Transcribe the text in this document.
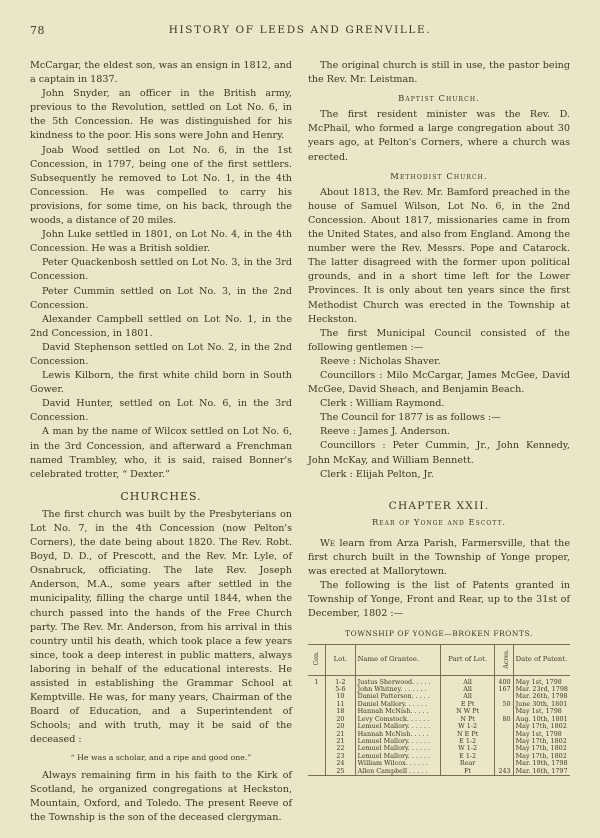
78	HISTORY OF LEEDS AND GRENVILLE.

McCargar, the eldest son, was an ensign in 1812, and a captain in 1837.

John Snyder, an officer in the British army, previous to the Revolution, settled on Lot No. 6, in the 5th Concession. He was distinguished for his kindness to the poor. His sons were John and Henry.

Joab Wood settled on Lot No. 6, in the 1st Concession, in 1797, being one of the first settlers. Subsequently he removed to Lot No. 1, in the 4th Concession. He was compelled to carry his provisions, for some time, on his back, through the woods, a distance of 20 miles.

John Luke settled in 1801, on Lot No. 4, in the 4th Concession. He was a British soldier.

Peter Quackenbosh settled on Lot No. 3, in the 3rd Concession.

Peter Cummin settled on Lot No. 3, in the 2nd Concession.

Alexander Campbell settled on Lot No. 1, in the 2nd Concession, in 1801.

David Stephenson settled on Lot No. 2, in the 2nd Concession.

Lewis Kilborn, the first white child born in South Gower.

David Hunter, settled on Lot No. 6, in the 3rd Concession.

A man by the name of Wilcox settled on Lot No. 6, in the 3rd Concession, and afterward a Frenchman named Trambley, who, it is said, raised Bonner's celebrated trotter, “ Dexter.”

CHURCHES.

The first church was built by the Presbyterians on Lot No. 7, in the 4th Concession (now Pelton's Corners), the date being about 1820. The Rev. Robt. Boyd, D. D., of Prescott, and the Rev. Mr. Lyle, of Osnabruck, officiating. The late Rev. Joseph Anderson, M.A., some years after settled in the municipality, filling the charge until 1844, when the church passed into the hands of the Free Church party. The Rev. Mr. Anderson, from his arrival in this country until his death, which took place a few years since, took a deep interest in public matters, always laboring in behalf of the educational interests. He assisted in establishing the Grammar School at Kemptville. He was, for many years, Chairman of the Board of Education, and a Superintendent of Schools; and with truth, may it be said of the deceased :

“ He was a scholar, and a ripe and good one.”

Always remaining firm in his faith to the Kirk of Scotland, he organized congregations at Heckston, Mountain, Oxford, and Toledo. The present Reeve of the Township is the son of the deceased clergyman.

The original church is still in use, the pastor being the Rev. Mr. Leistman.

Baptist Church.

The first resident minister was the Rev. D. McPhail, who formed a large congregation about 30 years ago, at Pelton's Corners, where a church was erected.

Methodist Church.

About 1813, the Rev. Mr. Bamford preached in the house of Samuel Wilson, Lot No. 6, in the 2nd Concession. About 1817, missionaries came in from the United States, and also from England. Among the number were the Rev. Messrs. Pope and Catarock. The latter disagreed with the former upon political grounds, and in a short time left for the Lower Provinces. It is only about ten years since the first Methodist Church was erected in the Township at Heckston.

The first Municipal Council consisted of the following gentlemen :—

Reeve : Nicholas Shaver.

Councillors : Milo McCargar, James McGee, David McGee, David Sheach, and Benjamin Beach.

Clerk : William Raymond.

The Council for 1877 is as follows :—

Reeve : James J. Anderson.

Councillors : Peter Cummin, Jr., John Kennedy, John McKay, and William Bennett.

Clerk : Elijah Pelton, Jr.

CHAPTER XXII.
Rear of Yonge and Escott.

We learn from Arza Parish, Farmersville, that the first church built in the Township of Yonge proper, was erected at Mallorytown.

The following is the list of Patents granted in Township of Yonge, Front and Rear, up to the 31st of December, 1802 :—

TOWNSHIP OF YONGE—BROKEN FRONTS.
Con.	Lot.	Name of Grantee.	Part of Lot.	Acres.	Date of Patent.
1	1-2	Justus Sherwood. . . . .	All	400	May 1st, 1798
	5-6	John Whitney. . . . . . .	All	167	Mar. 23rd, 1798
	10	Daniel Patterson. . . . .	All		Mar. 26th, 1798
	11	Daniel Mallory. . . . . .	E Pt	50	June 30th, 1801
	18	Hannah McNish. . . . .	N W Pt		May 1st, 1798
	20	Levy Comstock. . . . . .	N Pt	80	Aug. 10th, 1801
	20	Lemuel Mallory. . . . . .	W 1-2		May 17th, 1802
	21	Hannah McNish. . . . .	N E Pt		May 1st, 1798
	21	Lemuel Mallory. . . . . .	E 1-2		May 17th, 1802
	22	Lemuel Mallory. . . . . .	W 1-2		May 17th, 1802
	23	Lemuel Mallory. . . . . .	E 1-2		May 17th, 1802
	24	William Wilcox. . . . . .	Rear		Mar. 19th, 1798
	25	Allen Campbell . . . . .	Ft	243	Mar. 16th, 1797
